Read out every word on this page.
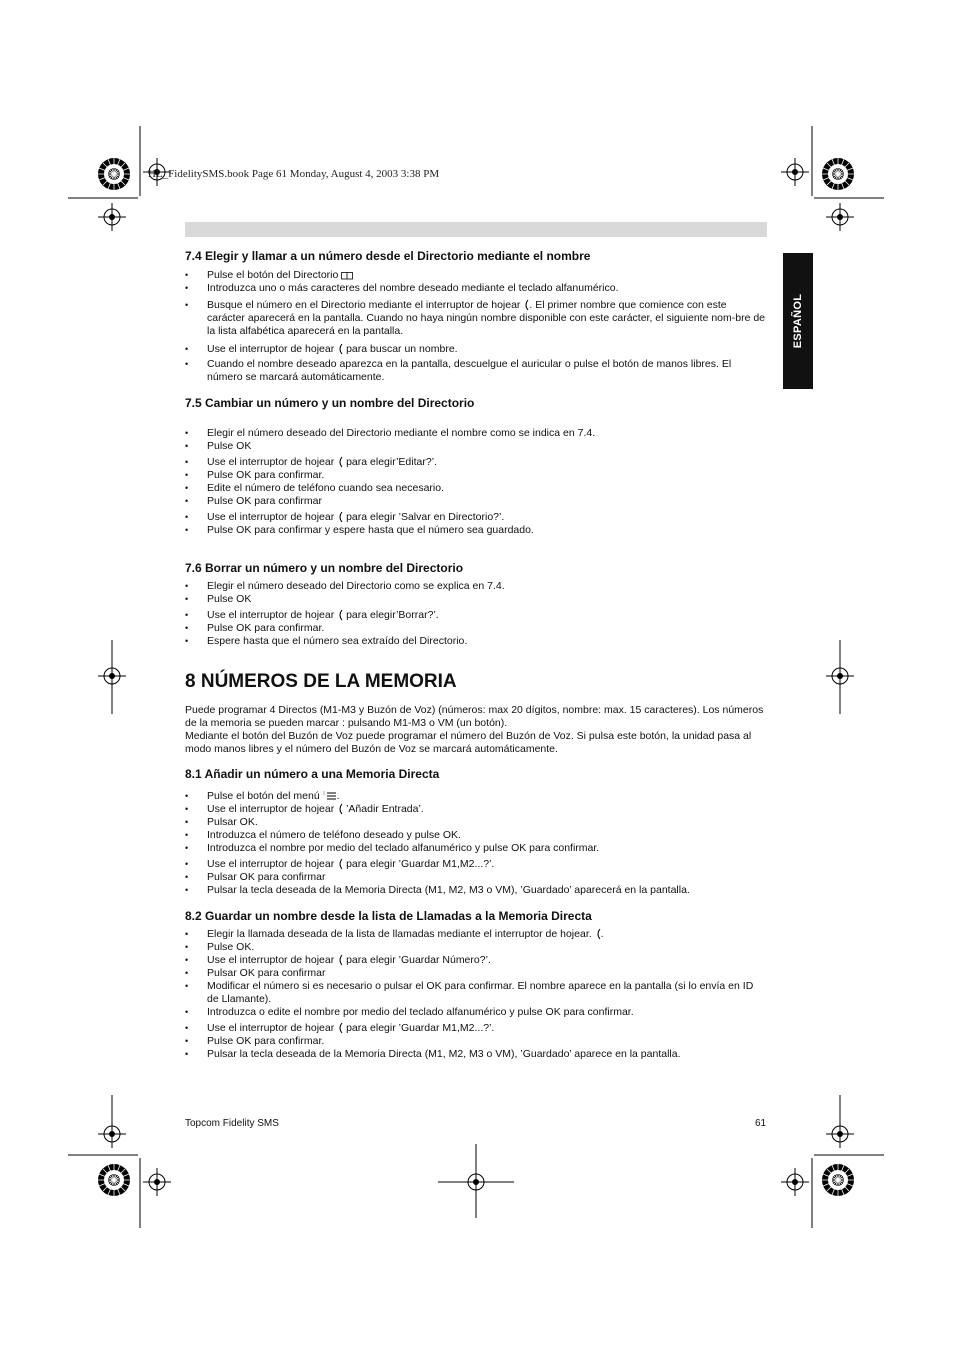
HL_FidelitySMS.book Page 61 Monday, August 4, 2003 3:38 PM
ESPAÑOL
7.4 Elegir y llamar a un número desde el Directorio mediante el nombre
• Pulse el botón del Directorio
• Introduzca uno o más caracteres del nombre deseado mediante el teclado alfanumérico.
• Busque el número en el Directorio mediante el interruptor de hojear . El primer nombre que comience con este carácter aparecerá en la pantalla. Cuando no haya ningún nombre disponible con este carácter, el siguiente nom-bre de la lista alfabética aparecerá en la pantalla.
• Use el interruptor de hojear para buscar un nombre.
• Cuando el nombre deseado aparezca en la pantalla, descuelgue el auricular o pulse el botón de manos libres. El número se marcará automáticamente.
7.5 Cambiar un número y un nombre del Directorio
• Elegir el número deseado del Directorio mediante el nombre como se indica en 7.4.
• Pulse OK
• Use el interruptor de hojear para elegir’Editar?’.
• Pulse OK para confirmar.
• Edite el número de teléfono cuando sea necesario.
• Pulse OK para confirmar
• Use el interruptor de hojear para elegir ’Salvar en Directorio?’.
• Pulse OK para confirmar y espere hasta que el número sea guardado.
7.6 Borrar un número y un nombre del Directorio
• Elegir el número deseado del Directorio como se explica en 7.4.
• Pulse OK
• Use el interruptor de hojear para elegir’Borrar?’.
• Pulse OK para confirmar.
• Espere hasta que el número sea extraído del Directorio.
8 NÚMEROS DE LA MEMORIA

Puede programar 4 Directos (M1-M3 y Buzón de Voz) (números: max 20 dígitos, nombre: max. 15 caracteres). Los números de la memoria se pueden marcar : pulsando M1-M3 o VM (un botón).

Mediante el botón del Buzón de Voz puede programar el número del Buzón de Voz. Si pulsa este botón, la unidad pasa al modo manos libres y el número del Buzón de Voz se marcará automáticamente.

8.1 Añadir un número a una Memoria Directa
• Pulse el botón del menú .
• Use el interruptor de hojear ’Añadir Entrada’.
• Pulsar OK.
• Introduzca el número de teléfono deseado y pulse OK.
• Introduzca el nombre por medio del teclado alfanumérico y pulse OK para confirmar.
• Use el interruptor de hojear para elegir ’Guardar M1,M2...?’.
• Pulsar OK para confirmar
• Pulsar la tecla deseada de la Memoria Directa (M1, M2, M3 o VM), ’Guardado’ aparecerá en la pantalla.
8.2 Guardar un nombre desde la lista de Llamadas a la Memoria Directa
• Elegir la llamada deseada de la lista de llamadas mediante el interruptor de hojear. .
• Pulse OK.
• Use el interruptor de hojear para elegir ’Guardar Número?’.
• Pulsar OK para confirmar
• Modificar el número si es necesario o pulsar el OK para confirmar. El nombre aparece en la pantalla (si lo envía en ID de Llamante).
• Introduzca o edite el nombre por medio del teclado alfanumérico y pulse OK para confirmar.
• Use el interruptor de hojear para elegir ’Guardar M1,M2...?’.
• Pulse OK para confirmar.
• Pulsar la tecla deseada de la Memoria Directa (M1, M2, M3 o VM), ’Guardado’ aparece en la pantalla.
Topcom Fidelity SMS	61
